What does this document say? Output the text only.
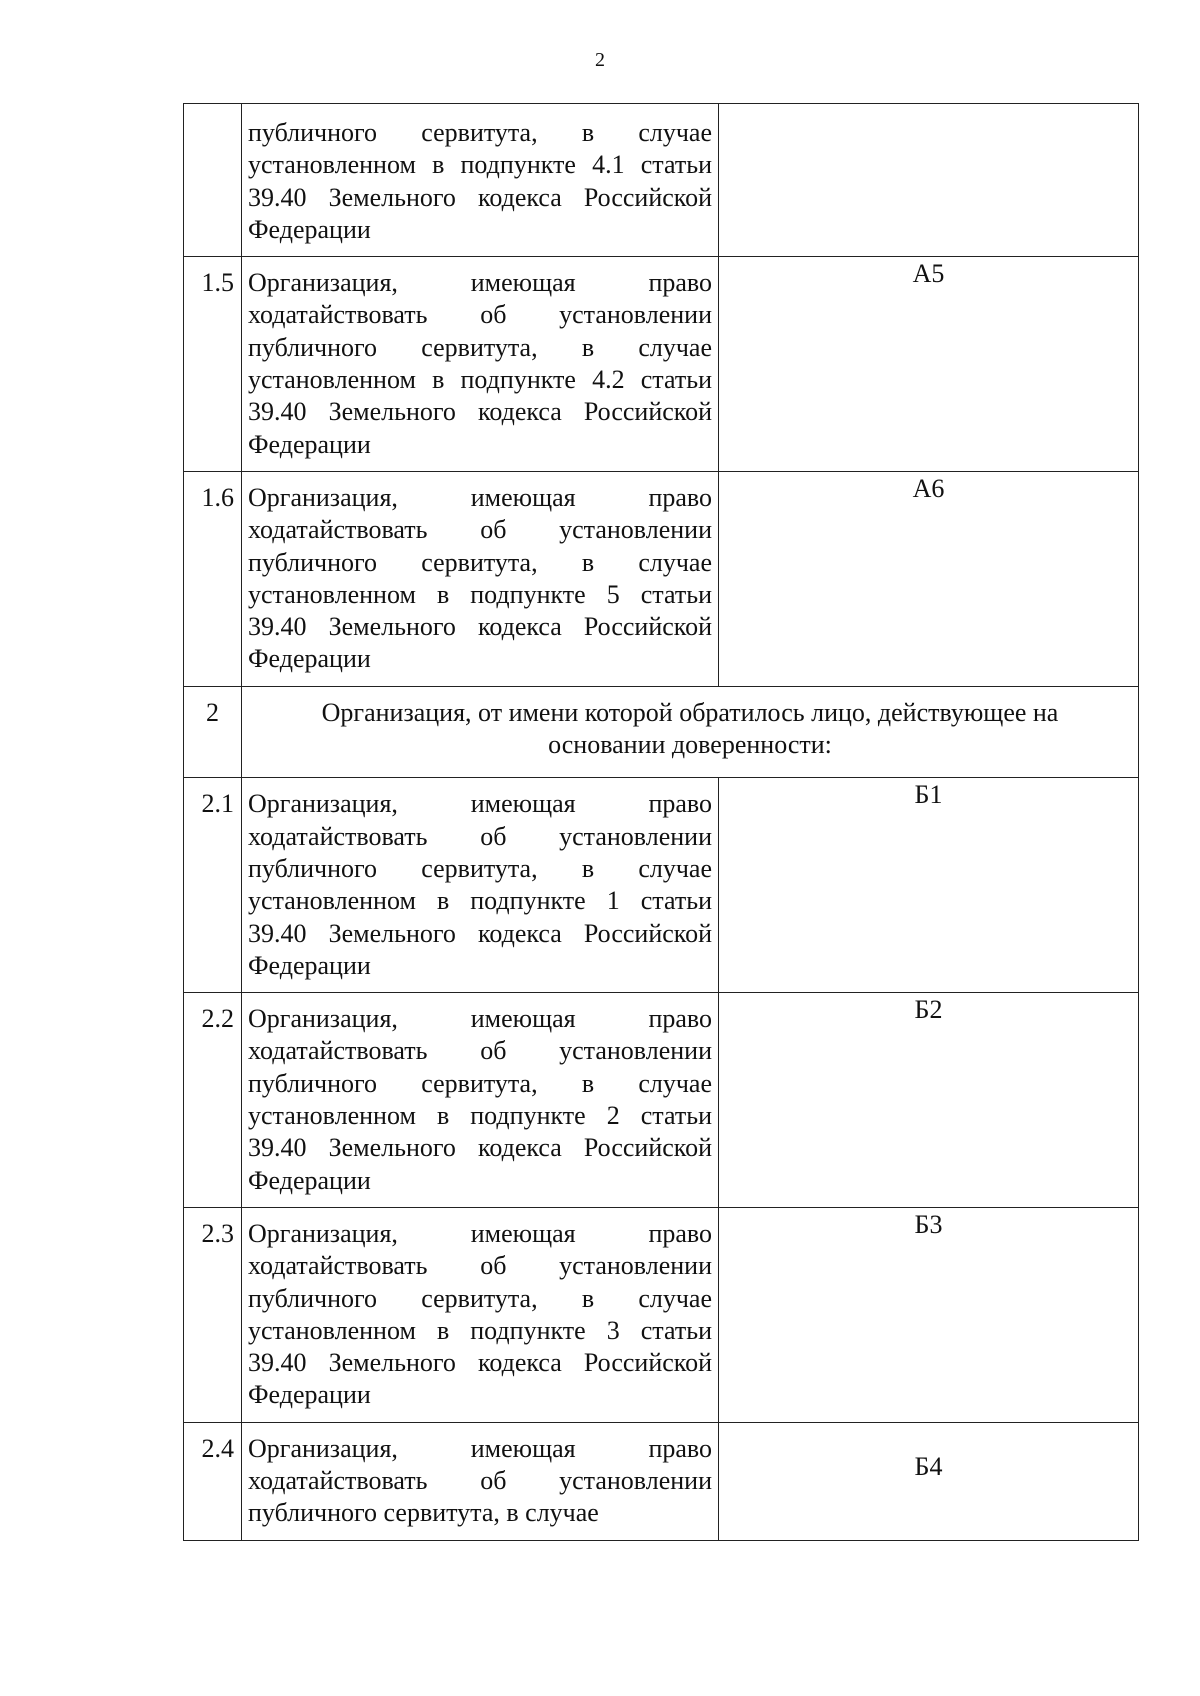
2
	публичного сервитута, в случае установленном в подпункте 4.1 статьи 39.40 Земельного кодекса Российской Федерации	
1.5	Организация, имеющая право ходатайствовать об установлении публичного сервитута, в случае установленном в подпункте 4.2 статьи 39.40 Земельного кодекса Российской Федерации	А5
1.6	Организация, имеющая право ходатайствовать об установлении публичного сервитута, в случае установленном в подпункте 5 статьи 39.40 Земельного кодекса Российской Федерации	А6
2	Организация, от имени которой обратилось лицо, действующее на основании доверенности:	
2.1	Организация, имеющая право ходатайствовать об установлении публичного сервитута, в случае установленном в подпункте 1 статьи 39.40 Земельного кодекса Российской Федерации	Б1
2.2	Организация, имеющая право ходатайствовать об установлении публичного сервитута, в случае установленном в подпункте 2 статьи 39.40 Земельного кодекса Российской Федерации	Б2
2.3	Организация, имеющая право ходатайствовать об установлении публичного сервитута, в случае установленном в подпункте 3 статьи 39.40 Земельного кодекса Российской Федерации	Б3
2.4	Организация, имеющая право ходатайствовать об установлении публичного сервитута, в случае	Б4
